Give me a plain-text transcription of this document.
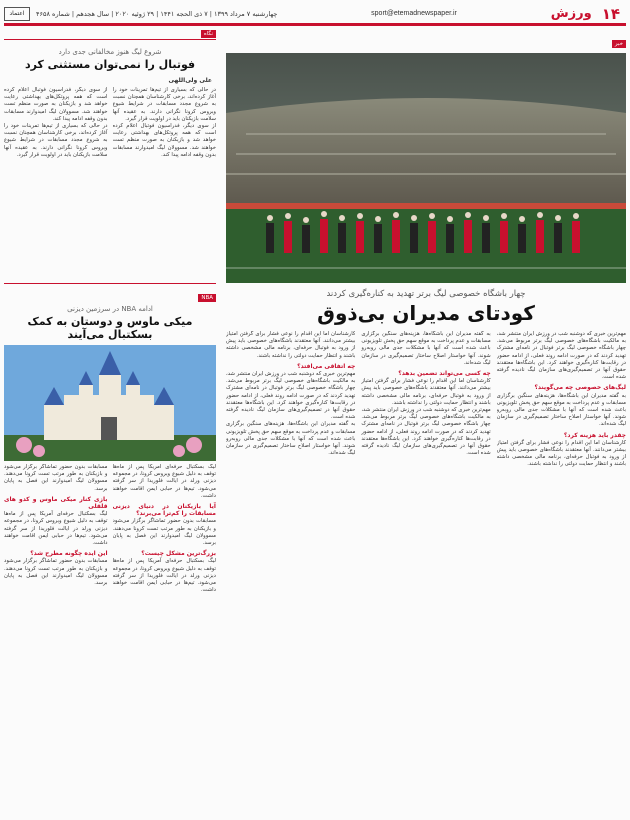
۱۴
ورزش
sport@etemadnewspaper.ir
چهارشنبه ۷ مرداد ۱۳۹۹ | ۷ ذی الحجه ۱۴۴۱ | ۲۹ ژوئیه ۲۰۲۰ | سال هجدهم | شماره ۴۶۵۸
اعتماد
خبر
چهار باشگاه خصوصی لیگ برتر تهدید به کناره‌گیری کردند
کودتای مدیران بی‌ذوق

مهم‌ترین خبری که دوشنبه شب در ورزش ایران منتشر شد، به مالکیت باشگاه‌های خصوصی لیگ برتر مربوط می‌شد. چهار باشگاه خصوصی لیگ برتر فوتبال در نامه‌ای مشترک تهدید کردند که در صورت ادامه روند فعلی، از ادامه حضور در رقابت‌ها کناره‌گیری خواهند کرد. این باشگاه‌ها معتقدند حقوق آنها در تصمیم‌گیری‌های سازمان لیگ نادیده گرفته شده است.

لیگ‌های خصوصی چه می‌گویند؟

به گفته مدیران این باشگاه‌ها، هزینه‌های سنگین برگزاری مسابقات و عدم پرداخت به موقع سهم حق پخش تلویزیونی باعث شده است که آنها با مشکلات جدی مالی روبه‌رو شوند. آنها خواستار اصلاح ساختار تصمیم‌گیری در سازمان لیگ شده‌اند.

چقدر باید هزینه کرد؟

کارشناسان اما این اقدام را نوعی فشار برای گرفتن امتیاز بیشتر می‌دانند. آنها معتقدند باشگاه‌های خصوصی باید پیش از ورود به فوتبال حرفه‌ای، برنامه مالی مشخصی داشته باشند و انتظار حمایت دولتی را نداشته باشند.

به گفته مدیران این باشگاه‌ها، هزینه‌های سنگین برگزاری مسابقات و عدم پرداخت به موقع سهم حق پخش تلویزیونی باعث شده است که آنها با مشکلات جدی مالی روبه‌رو شوند. آنها خواستار اصلاح ساختار تصمیم‌گیری در سازمان لیگ شده‌اند.

چه کسی می‌تواند تضمین بدهد؟

کارشناسان اما این اقدام را نوعی فشار برای گرفتن امتیاز بیشتر می‌دانند. آنها معتقدند باشگاه‌های خصوصی باید پیش از ورود به فوتبال حرفه‌ای، برنامه مالی مشخصی داشته باشند و انتظار حمایت دولتی را نداشته باشند.

مهم‌ترین خبری که دوشنبه شب در ورزش ایران منتشر شد، به مالکیت باشگاه‌های خصوصی لیگ برتر مربوط می‌شد. چهار باشگاه خصوصی لیگ برتر فوتبال در نامه‌ای مشترک تهدید کردند که در صورت ادامه روند فعلی، از ادامه حضور در رقابت‌ها کناره‌گیری خواهند کرد. این باشگاه‌ها معتقدند حقوق آنها در تصمیم‌گیری‌های سازمان لیگ نادیده گرفته شده است.

کارشناسان اما این اقدام را نوعی فشار برای گرفتن امتیاز بیشتر می‌دانند. آنها معتقدند باشگاه‌های خصوصی باید پیش از ورود به فوتبال حرفه‌ای، برنامه مالی مشخصی داشته باشند و انتظار حمایت دولتی را نداشته باشند.

چه اتفاقی می‌افتد؟

مهم‌ترین خبری که دوشنبه شب در ورزش ایران منتشر شد، به مالکیت باشگاه‌های خصوصی لیگ برتر مربوط می‌شد. چهار باشگاه خصوصی لیگ برتر فوتبال در نامه‌ای مشترک تهدید کردند که در صورت ادامه روند فعلی، از ادامه حضور در رقابت‌ها کناره‌گیری خواهند کرد. این باشگاه‌ها معتقدند حقوق آنها در تصمیم‌گیری‌های سازمان لیگ نادیده گرفته شده است.

به گفته مدیران این باشگاه‌ها، هزینه‌های سنگین برگزاری مسابقات و عدم پرداخت به موقع سهم حق پخش تلویزیونی باعث شده است که آنها با مشکلات جدی مالی روبه‌رو شوند. آنها خواستار اصلاح ساختار تصمیم‌گیری در سازمان لیگ شده‌اند.

نگاه
شروع لیگ هنوز مخالفانی جدی دارد
فوتبال را نمی‌توان مستثنی کرد
علی ولی‌اللهی

در حالی که بسیاری از تیم‌ها تمرینات خود را آغاز کرده‌اند، برخی کارشناسان همچنان نسبت به شروع مجدد مسابقات در شرایط شیوع ویروس کرونا نگرانی دارند. به عقیده آنها سلامت بازیکنان باید در اولویت قرار گیرد.

از سوی دیگر، فدراسیون فوتبال اعلام کرده است که همه پروتکل‌های بهداشتی رعایت خواهد شد و بازیکنان به صورت منظم تست خواهند شد. مسوولان لیگ امیدوارند مسابقات بدون وقفه ادامه پیدا کند.

از سوی دیگر، فدراسیون فوتبال اعلام کرده است که همه پروتکل‌های بهداشتی رعایت خواهد شد و بازیکنان به صورت منظم تست خواهند شد. مسوولان لیگ امیدوارند مسابقات بدون وقفه ادامه پیدا کند.

در حالی که بسیاری از تیم‌ها تمرینات خود را آغاز کرده‌اند، برخی کارشناسان همچنان نسبت به شروع مجدد مسابقات در شرایط شیوع ویروس کرونا نگرانی دارند. به عقیده آنها سلامت بازیکنان باید در اولویت قرار گیرد.

NBA
ادامه NBA در سرزمین دیزنی
میکی ماوس و دوستان به کمک بسکتبال می‌آیند

لیگ بسکتبال حرفه‌ای آمریکا پس از ماه‌ها توقف به دلیل شیوع ویروس کرونا، در مجموعه دیزنی ورلد در ایالت فلوریدا از سر گرفته می‌شود. تیم‌ها در حبابی ایمن اقامت خواهند داشت.

آیا بازیکنان در دنیای دیزنی مسابقات را کم‌ترا می‌برند؟

مسابقات بدون حضور تماشاگر برگزار می‌شود و بازیکنان به طور مرتب تست کرونا می‌دهند. مسوولان لیگ امیدوارند این فصل به پایان برسد.

بزرگ‌ترین مشکل چیست؟

لیگ بسکتبال حرفه‌ای آمریکا پس از ماه‌ها توقف به دلیل شیوع ویروس کرونا، در مجموعه دیزنی ورلد در ایالت فلوریدا از سر گرفته می‌شود. تیم‌ها در حبابی ایمن اقامت خواهند داشت.

مسابقات بدون حضور تماشاگر برگزار می‌شود و بازیکنان به طور مرتب تست کرونا می‌دهند. مسوولان لیگ امیدوارند این فصل به پایان برسد.

بازی کنار میکی ماوس و کدو های قلقلی

لیگ بسکتبال حرفه‌ای آمریکا پس از ماه‌ها توقف به دلیل شیوع ویروس کرونا، در مجموعه دیزنی ورلد در ایالت فلوریدا از سر گرفته می‌شود. تیم‌ها در حبابی ایمن اقامت خواهند داشت.

این ایده چگونه مطرح شد؟

مسابقات بدون حضور تماشاگر برگزار می‌شود و بازیکنان به طور مرتب تست کرونا می‌دهند. مسوولان لیگ امیدوارند این فصل به پایان برسد.
